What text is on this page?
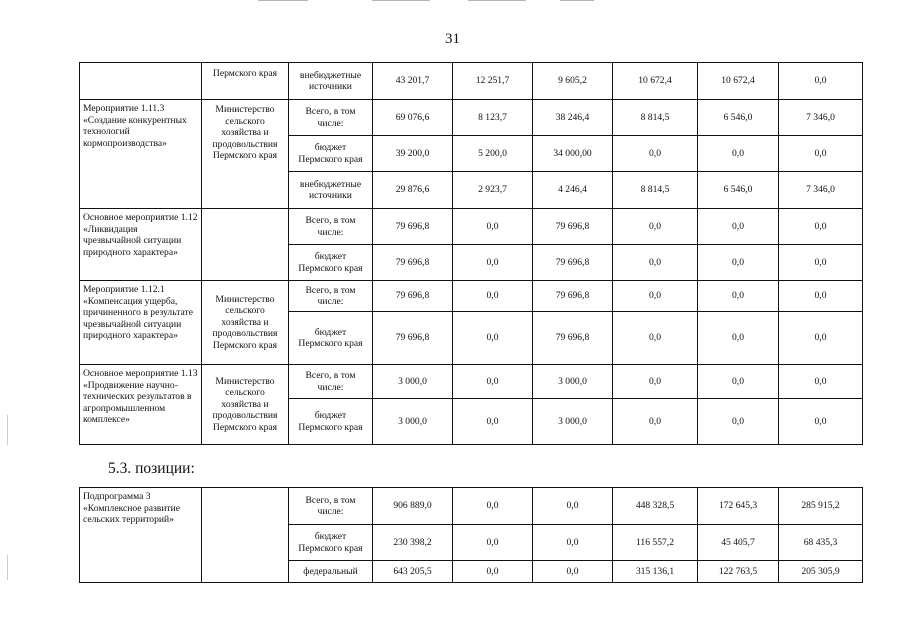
31
	Пермского края	внебюджетные источники	43 201,7	12 251,7	9 605,2	10 672,4	10 672,4	0,0
Мероприятие 1.11.3 «Создание конкурентных технологий кормопроизводства»	Министерство сельского хозяйства и продовольствия Пермского края	Всего, в том числе:	69 076,6	8 123,7	38 246,4	8 814,5	6 546,0	7 346,0
		бюджет Пермского края	39 200,0	5 200,0	34 000,00	0,0	0,0	0,0
		внебюджетные источники	29 876,6	2 923,7	4 246,4	8 814,5	6 546,0	7 346,0
Основное мероприятие 1.12 «Ликвидация чрезвычайной ситуации природного характера»		Всего, в том числе:	79 696,8	0,0	79 696,8	0,0	0,0	0,0
		бюджет Пермского края	79 696,8	0,0	79 696,8	0,0	0,0	0,0
Мероприятие 1.12.1 «Компенсация ущерба, причиненного в результате чрезвычайной ситуации природного характера»	Министерство сельского хозяйства и продовольствия Пермского края	Всего, в том числе:	79 696,8	0,0	79 696,8	0,0	0,0	0,0
		бюджет Пермского края	79 696,8	0,0	79 696,8	0,0	0,0	0,0
Основное мероприятие 1.13 «Продвижение научно-технических результатов в агропромышленном комплексе»	Министерство сельского хозяйства и продовольствия Пермского края	Всего, в том числе:	3 000,0	0,0	3 000,0	0,0	0,0	0,0
		бюджет Пермского края	3 000,0	0,0	3 000,0	0,0	0,0	0,0
5.3. позиции:
Подпрограмма 3 «Комплексное развитие сельских территорий»		Всего, в том числе:	906 889,0	0,0	0,0	448 328,5	172 645,3	285 915,2
		бюджет Пермского края	230 398,2	0,0	0,0	116 557,2	45 405,7	68 435,3
		федеральный	643 205,5	0,0	0,0	315 136,1	122 763,5	205 305,9
